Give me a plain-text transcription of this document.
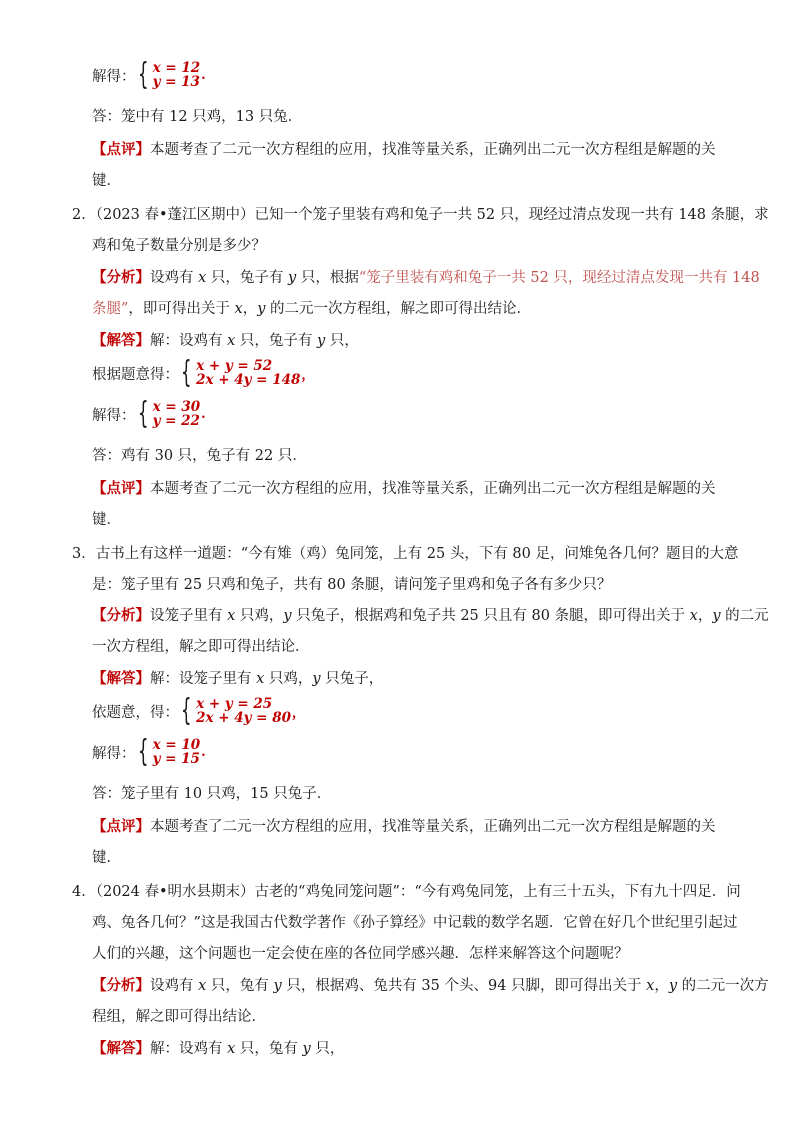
解得： { x = 12
y = 13 .
答：笼中有 12 只鸡，13 只兔．
【点评】本题考查了二元一次方程组的应用，找准等量关系，正确列出二元一次方程组是解题的关
键．
2．（2023 春•蓬江区期中）已知一个笼子里装有鸡和兔子一共 52 只，现经过清点发现一共有 148 条腿，求
鸡和兔子数量分别是多少？
【分析】设鸡有 x 只，兔子有 y 只，根据“笼子里装有鸡和兔子一共 52 只，现经过清点发现一共有 148
条腿”，即可得出关于 x，y 的二元一次方程组，解之即可得出结论．
【解答】解：设鸡有 x 只，兔子有 y 只，
根据题意得： { x + y = 52
2x + 4y = 148 ，
解得： { x = 30
y = 22 .
答：鸡有 30 只，兔子有 22 只．
【点评】本题考查了二元一次方程组的应用，找准等量关系，正确列出二元一次方程组是解题的关
键．
3．古书上有这样一道题：“今有雉（鸡）兔同笼，上有 25 头，下有 80 足，问雉兔各几何？题目的大意
是：笼子里有 25 只鸡和兔子，共有 80 条腿，请问笼子里鸡和兔子各有多少只？
【分析】设笼子里有 x 只鸡，y 只兔子，根据鸡和兔子共 25 只且有 80 条腿，即可得出关于 x，y 的二元
一次方程组，解之即可得出结论．
【解答】解：设笼子里有 x 只鸡，y 只兔子，
依题意，得： { x + y = 25
2x + 4y = 80 ，
解得： { x = 10
y = 15 .
答：笼子里有 10 只鸡，15 只兔子．
【点评】本题考查了二元一次方程组的应用，找准等量关系，正确列出二元一次方程组是解题的关
键．
4．（2024 春•明水县期末）古老的“鸡兔同笼问题”：“今有鸡兔同笼，上有三十五头，下有九十四足．问
鸡、兔各几何？”这是我国古代数学著作《孙子算经》中记载的数学名题．它曾在好几个世纪里引起过
人们的兴趣，这个问题也一定会使在座的各位同学感兴趣．怎样来解答这个问题呢？
【分析】设鸡有 x 只，兔有 y 只，根据鸡、兔共有 35 个头、94 只脚，即可得出关于 x，y 的二元一次方
程组，解之即可得出结论．
【解答】解：设鸡有 x 只，兔有 y 只，
